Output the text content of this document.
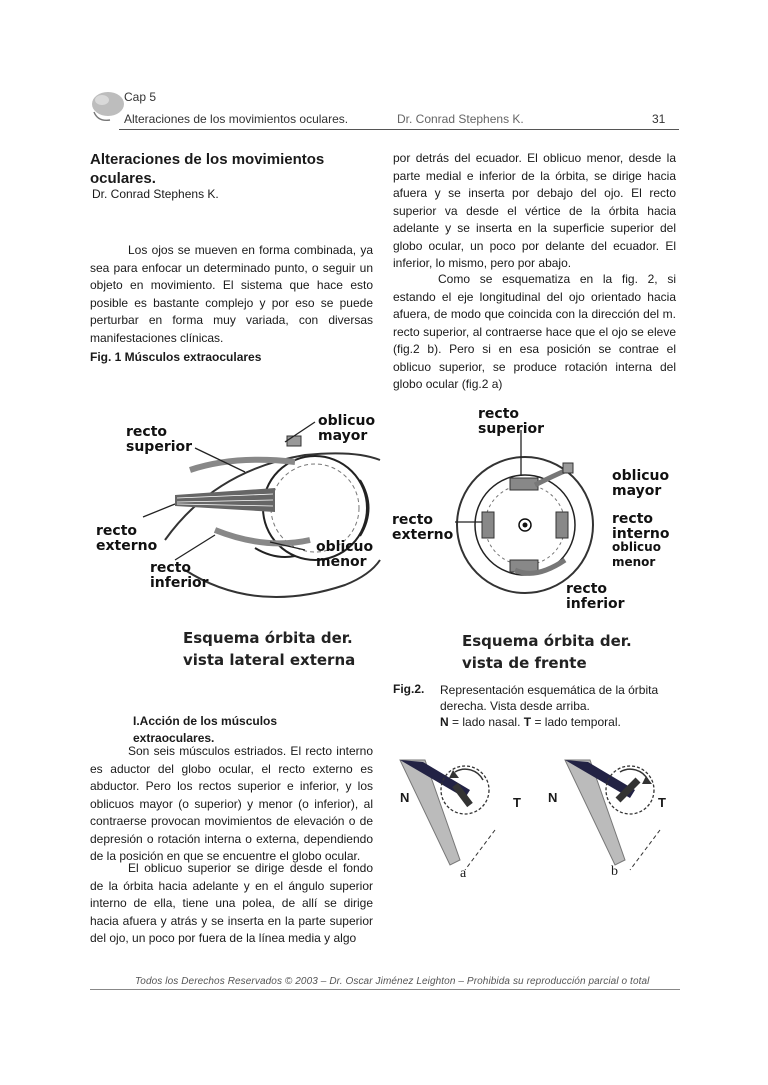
Cap 5
Alteraciones de los movimientos oculares.	Dr. Conrad Stephens K.	31
Alteraciones de los movimientos oculares.
Dr. Conrad Stephens K.

Los ojos se mueven en forma combinada, ya sea para enfocar un determinado punto, o seguir un objeto en movimiento. El sistema que hace esto posible es bastante complejo y por eso se puede perturbar en forma muy variada, con diversas manifestaciones clínicas.

Fig. 1 Músculos extraoculares

por detrás del ecuador. El oblicuo menor, desde la parte medial e inferior de la órbita, se dirige hacia afuera y se inserta por debajo del ojo. El recto superior va desde el vértice de la órbita hacia adelante y se inserta en la superficie superior del globo ocular, un poco por delante del ecuador. El inferior, lo mismo, pero por abajo.

Como se esquematiza en la fig. 2, si estando el eje longitudinal del ojo orientado hacia afuera, de modo que coincida con la dirección del m. recto superior, al contraerse hace que el ojo se eleve (fig.2 b). Pero si en esa posición se contrae el oblicuo superior, se produce rotación interna del globo ocular (fig.2 a)

recto superior
oblicuo mayor
recto externo	oblicuo menor
recto inferior
Esquema órbita der.
vista lateral externa
recto superior
oblicuo mayor
recto externo
recto interno
oblicuo menor
recto inferior
Esquema órbita der.
vista de frente
Fig.2. Representación esquemática de la órbita derecha. Vista desde arriba.
N = lado nasal. T = lado temporal.
I.Acción de los músculos extraoculares.

Son seis músculos estriados. El recto interno es aductor del globo ocular, el recto externo es abductor. Pero los rectos superior e inferior, y los oblicuos mayor (o superior) y menor (o inferior), al contraerse provocan movimientos de elevación o de depresión o rotación interna o externa, dependiendo de la posición en que se encuentre el globo ocular.

El oblicuo superior se dirige desde el fondo de la órbita hacia adelante y en el ángulo superior interno de ella, tiene una polea, de allí se dirige hacia afuera y atrás y se inserta en la parte superior del ojo, un poco por fuera de la línea media y algo

N	T N	T
a	b
Todos los Derechos Reservados © 2003 – Dr. Oscar Jiménez Leighton – Prohibida su reproducción parcial o total
